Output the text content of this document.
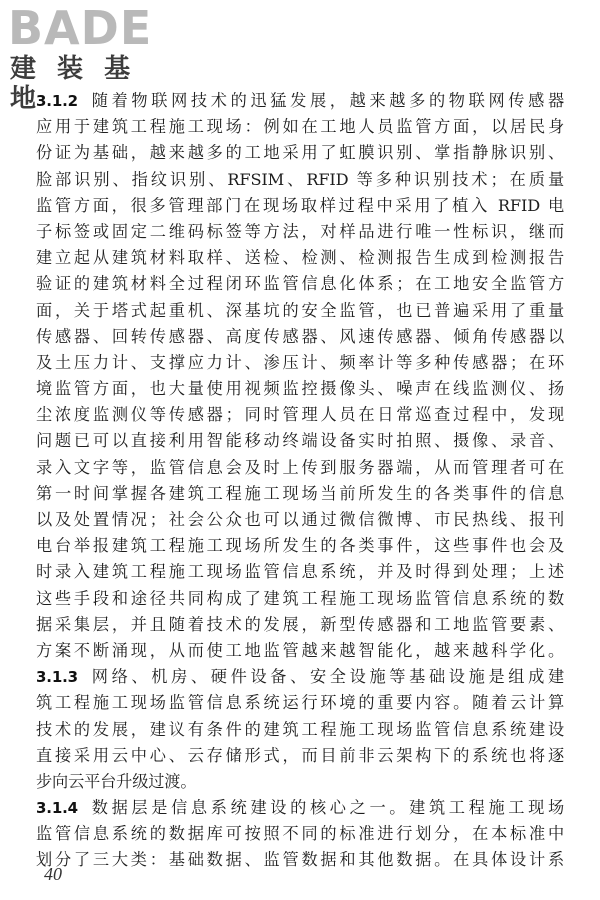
BADE
建 装 基 地
3.1.2 随着物联网技术的迅猛发展，越来越多的物联网传感器
应用于建筑工程施工现场：例如在工地人员监管方面，以居民身
份证为基础，越来越多的工地采用了虹膜识别、掌指静脉识别、
脸部识别、指纹识别、RFSIM、RFID 等多种识别技术；在质量
监管方面，很多管理部门在现场取样过程中采用了植入 RFID 电
子标签或固定二维码标签等方法，对样品进行唯一性标识，继而
建立起从建筑材料取样、送检、检测、检测报告生成到检测报告
验证的建筑材料全过程闭环监管信息化体系；在工地安全监管方
面，关于塔式起重机、深基坑的安全监管，也已普遍采用了重量
传感器、回转传感器、高度传感器、风速传感器、倾角传感器以
及土压力计、支撑应力计、渗压计、频率计等多种传感器；在环
境监管方面，也大量使用视频监控摄像头、噪声在线监测仪、扬
尘浓度监测仪等传感器；同时管理人员在日常巡查过程中，发现
问题已可以直接利用智能移动终端设备实时拍照、摄像、录音、
录入文字等，监管信息会及时上传到服务器端，从而管理者可在
第一时间掌握各建筑工程施工现场当前所发生的各类事件的信息
以及处置情况；社会公众也可以通过微信微博、市民热线、报刊
电台举报建筑工程施工现场所发生的各类事件，这些事件也会及
时录入建筑工程施工现场监管信息系统，并及时得到处理；上述
这些手段和途径共同构成了建筑工程施工现场监管信息系统的数
据采集层，并且随着技术的发展，新型传感器和工地监管要素、
方案不断涌现，从而使工地监管越来越智能化，越来越科学化。
3.1.3 网络、机房、硬件设备、安全设施等基础设施是组成建
筑工程施工现场监管信息系统运行环境的重要内容。随着云计算
技术的发展，建议有条件的建筑工程施工现场监管信息系统建设
直接采用云中心、云存储形式，而目前非云架构下的系统也将逐
步向云平台升级过渡。
3.1.4 数据层是信息系统建设的核心之一。建筑工程施工现场
监管信息系统的数据库可按照不同的标准进行划分，在本标准中
划分了三大类：基础数据、监管数据和其他数据。在具体设计系
40
